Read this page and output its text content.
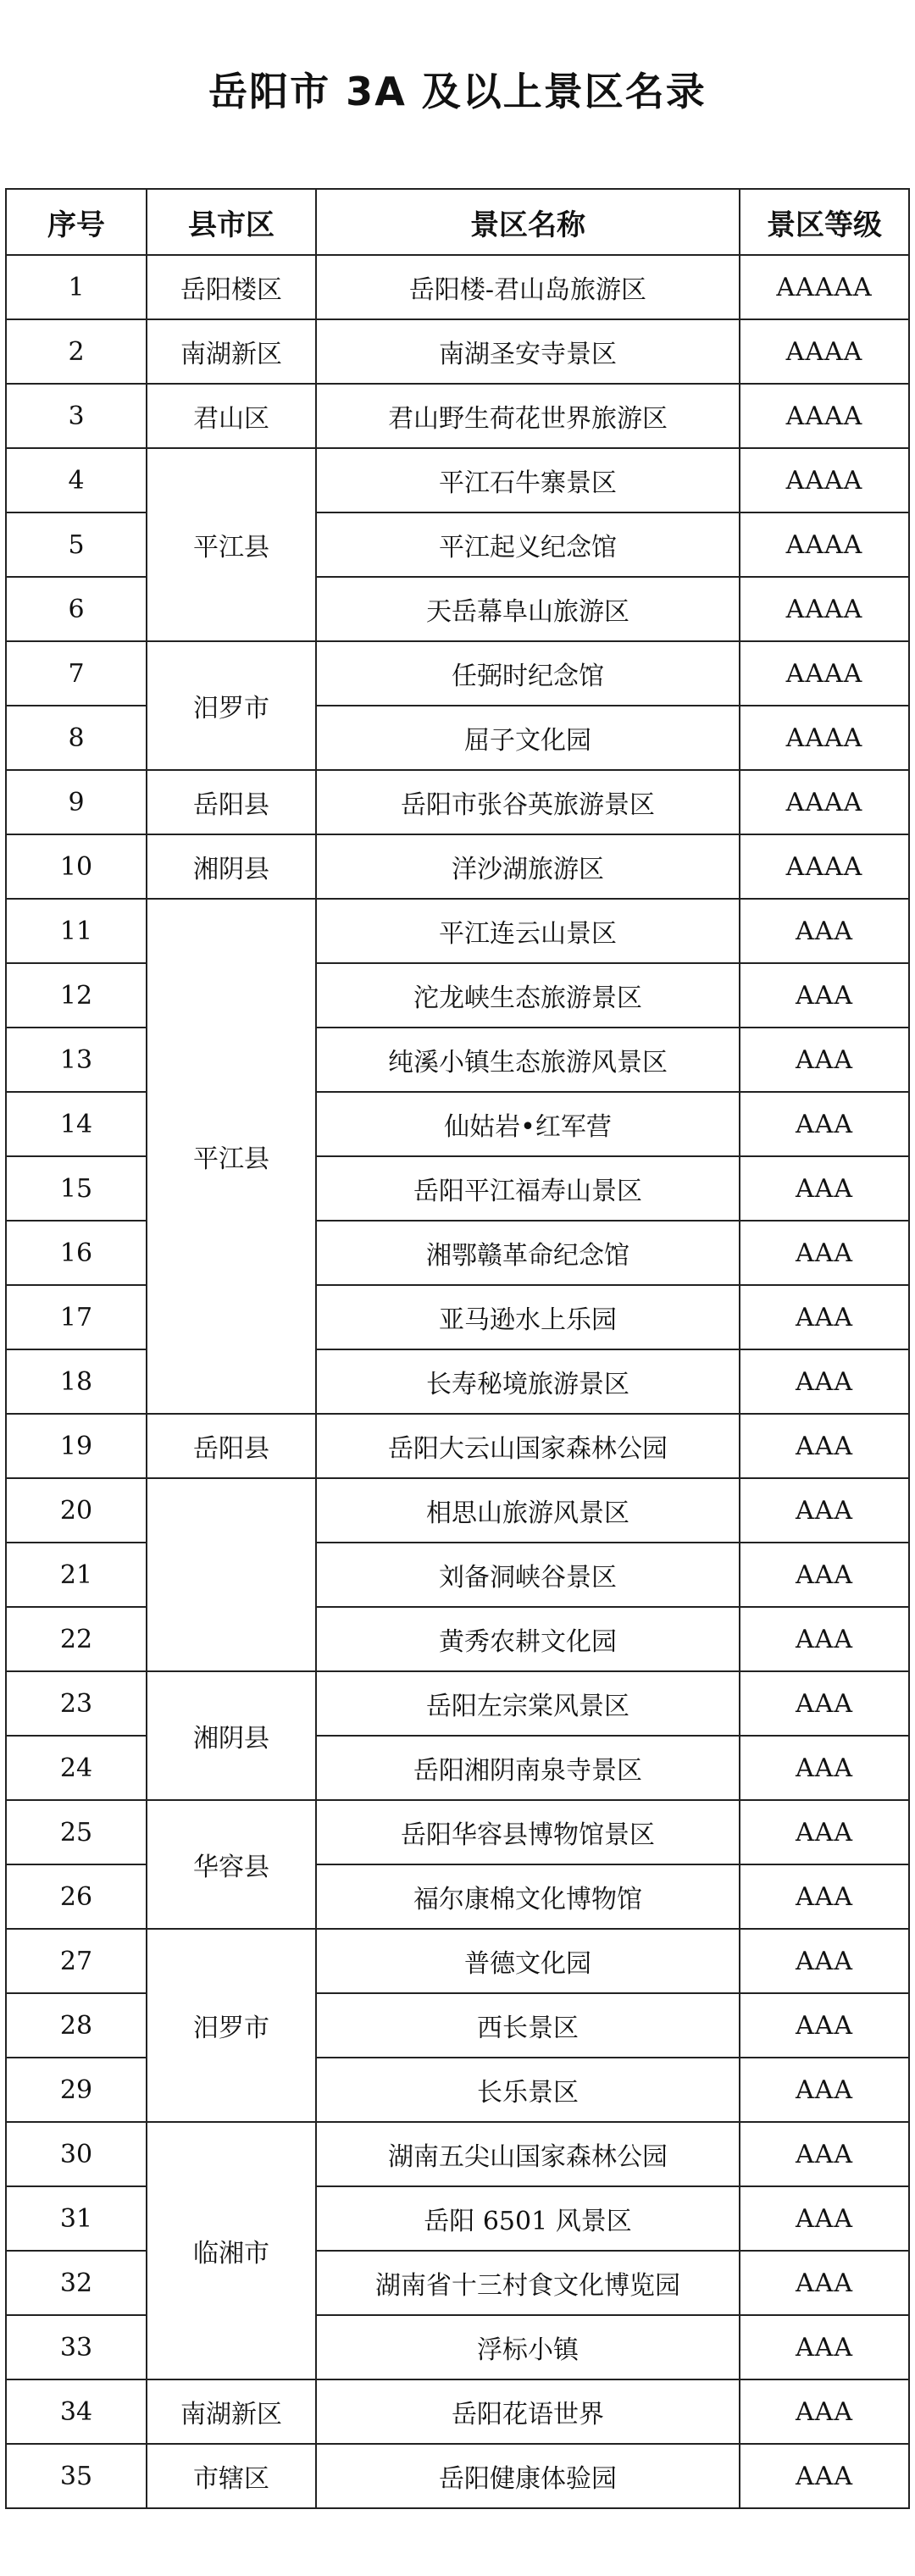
岳阳市 3A 及以上景区名录
序号	县市区	景区名称	景区等级
1	岳阳楼区	岳阳楼-君山岛旅游区	AAAAA
2	南湖新区	南湖圣安寺景区	AAAA
3	君山区	君山野生荷花世界旅游区	AAAA
4	平江县	平江石牛寨景区	AAAA
5		平江起义纪念馆	AAAA
6		天岳幕阜山旅游区	AAAA
7	汨罗市	任弼时纪念馆	AAAA
8		屈子文化园	AAAA
9	岳阳县	岳阳市张谷英旅游景区	AAAA
10	湘阴县	洋沙湖旅游区	AAAA
11	平江县	平江连云山景区	AAA
12		沱龙峡生态旅游景区	AAA
13		纯溪小镇生态旅游风景区	AAA
14		仙姑岩•红军营	AAA
15		岳阳平江福寿山景区	AAA
16		湘鄂赣革命纪念馆	AAA
17		亚马逊水上乐园	AAA
18		长寿秘境旅游景区	AAA
19	岳阳县	岳阳大云山国家森林公园	AAA
20		相思山旅游风景区	AAA
21		刘备洞峡谷景区	AAA
22		黄秀农耕文化园	AAA
23	湘阴县	岳阳左宗棠风景区	AAA
24		岳阳湘阴南泉寺景区	AAA
25	华容县	岳阳华容县博物馆景区	AAA
26		福尔康棉文化博物馆	AAA
27	汨罗市	普德文化园	AAA
28		西长景区	AAA
29		长乐景区	AAA
30	临湘市	湖南五尖山国家森林公园	AAA
31		岳阳 6501 风景区	AAA
32		湖南省十三村食文化博览园	AAA
33		浮标小镇	AAA
34	南湖新区	岳阳花语世界	AAA
35	市辖区	岳阳健康体验园	AAA
